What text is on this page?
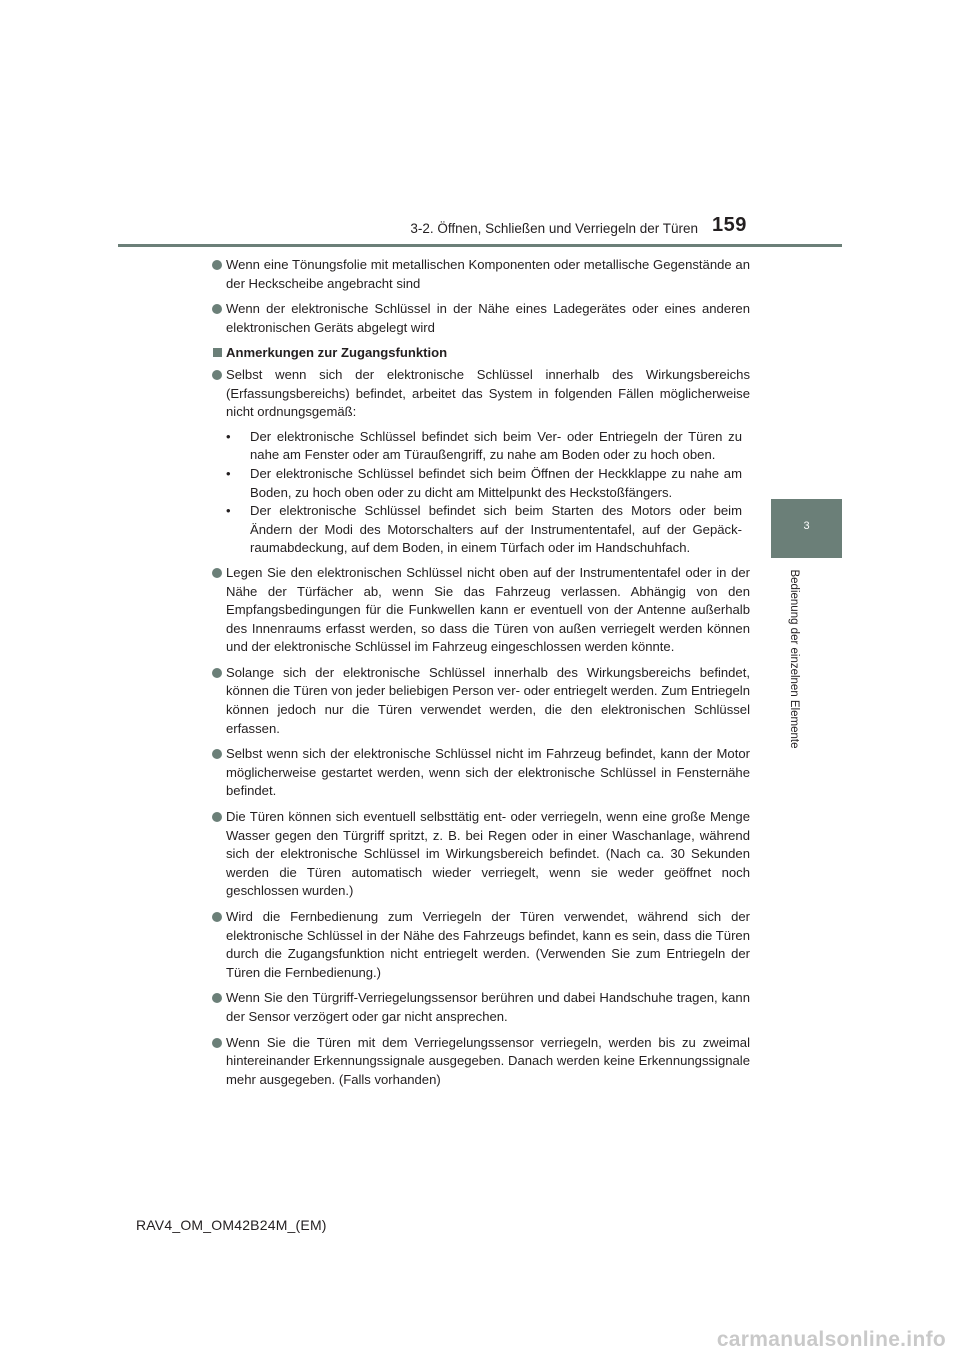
3-2. Öffnen, Schließen und Verriegeln der Türen 159
3
Bedienung der einzelnen Elemente
Wenn eine Tönungsfolie mit metallischen Komponenten oder metallische Gegenstände an der Heckscheibe angebracht sind
Wenn der elektronische Schlüssel in der Nähe eines Ladegerätes oder eines anderen elektronischen Geräts abgelegt wird
Anmerkungen zur Zugangsfunktion
Selbst wenn sich der elektronische Schlüssel innerhalb des Wirkungsbereichs (Erfassungsbereichs) befindet, arbeitet das System in folgenden Fällen möglicherweise nicht ordnungsgemäß:
• Der elektronische Schlüssel befindet sich beim Ver- oder Entriegeln der Türen zu nahe am Fenster oder am Türaußengriff, zu nahe am Boden oder zu hoch oben.
• Der elektronische Schlüssel befindet sich beim Öffnen der Heckklappe zu nahe am Boden, zu hoch oben oder zu dicht am Mittelpunkt des Heckstoßfängers.
• Der elektronische Schlüssel befindet sich beim Starten des Motors oder beim Ändern der Modi des Motorschalters auf der Instrumententafel, auf der Gepäckraumabdeckung, auf dem Boden, in einem Türfach oder im Handschuhfach.
Legen Sie den elektronischen Schlüssel nicht oben auf der Instrumententafel oder in der Nähe der Türfächer ab, wenn Sie das Fahrzeug verlassen. Abhängig von den Empfangsbedingungen für die Funkwellen kann er eventuell von der Antenne außerhalb des Innenraums erfasst werden, so dass die Türen von außen verriegelt werden können und der elektronische Schlüssel im Fahrzeug eingeschlossen werden könnte.
Solange sich der elektronische Schlüssel innerhalb des Wirkungsbereichs befindet, können die Türen von jeder beliebigen Person ver- oder entriegelt werden. Zum Entriegeln können jedoch nur die Türen verwendet werden, die den elektronischen Schlüssel erfassen.
Selbst wenn sich der elektronische Schlüssel nicht im Fahrzeug befindet, kann der Motor möglicherweise gestartet werden, wenn sich der elektronische Schlüssel in Fensternähe befindet.
Die Türen können sich eventuell selbsttätig ent- oder verriegeln, wenn eine große Menge Wasser gegen den Türgriff spritzt, z. B. bei Regen oder in einer Waschanlage, während sich der elektronische Schlüssel im Wirkungsbereich befindet. (Nach ca. 30 Sekunden werden die Türen automatisch wieder verriegelt, wenn sie weder geöffnet noch geschlossen wurden.)
Wird die Fernbedienung zum Verriegeln der Türen verwendet, während sich der elektronische Schlüssel in der Nähe des Fahrzeugs befindet, kann es sein, dass die Türen durch die Zugangsfunktion nicht entriegelt werden. (Verwenden Sie zum Entriegeln der Türen die Fernbedienung.)
Wenn Sie den Türgriff-Verriegelungssensor berühren und dabei Handschuhe tragen, kann der Sensor verzögert oder gar nicht ansprechen.
Wenn Sie die Türen mit dem Verriegelungssensor verriegeln, werden bis zu zweimal hintereinander Erkennungssignale ausgegeben. Danach werden keine Erkennungssignale mehr ausgegeben. (Falls vorhanden)
RAV4_OM_OM42B24M_(EM)
carmanualsonline.info
